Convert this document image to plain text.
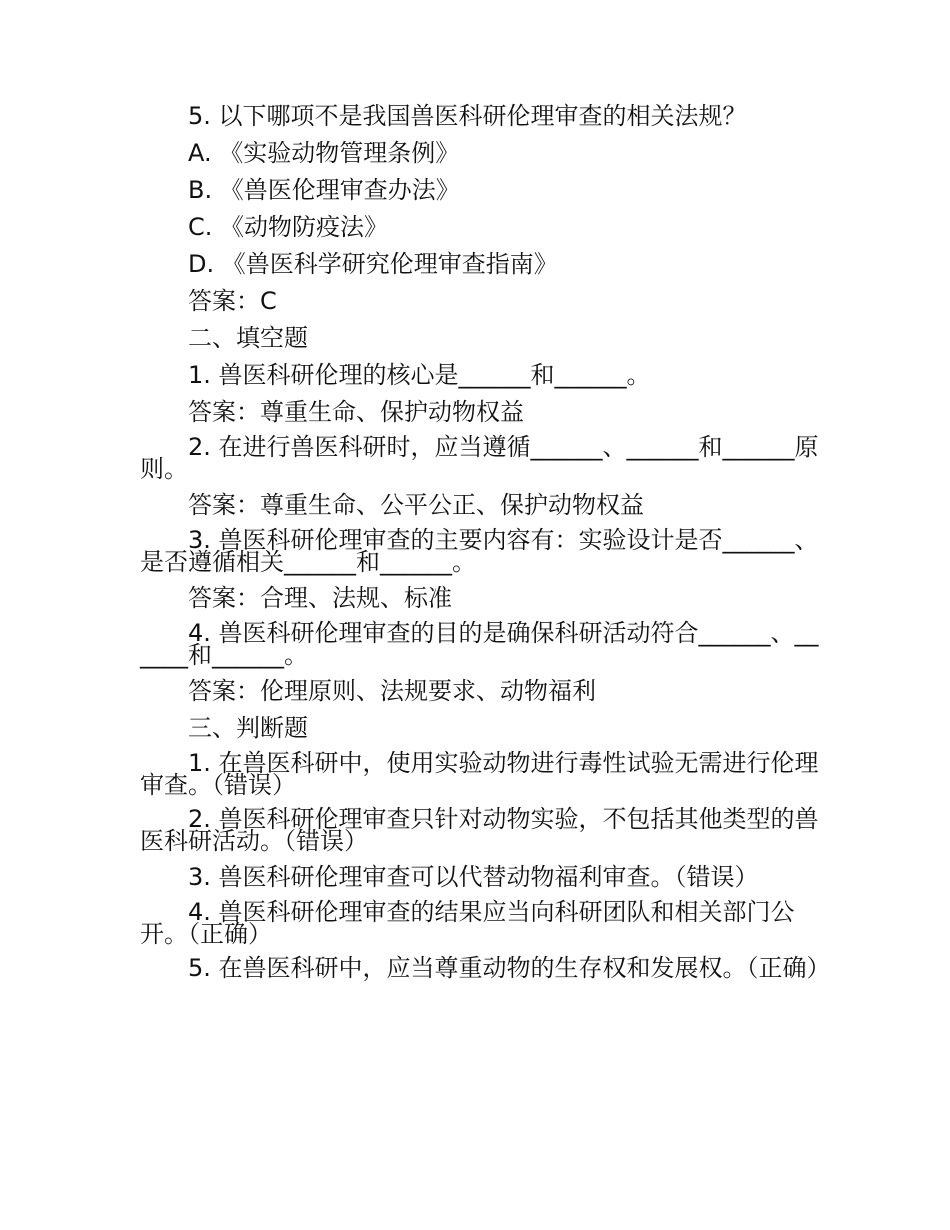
5. 以下哪项不是我国兽医科研伦理审查的相关法规？

A. 《实验动物管理条例》

B. 《兽医伦理审查办法》

C. 《动物防疫法》

D. 《兽医科学研究伦理审查指南》

答案：C

二、填空题

1. 兽医科研伦理的核心是______和______。

答案：尊重生命、保护动物权益

2. 在进行兽医科研时，应当遵循______、______和______原则。

答案：尊重生命、公平公正、保护动物权益

3. 兽医科研伦理审查的主要内容有：实验设计是否______、是否遵循相关______和______。

答案：合理、法规、标准

4. 兽医科研伦理审查的目的是确保科研活动符合______、______和______。

答案：伦理原则、法规要求、动物福利

三、判断题

1. 在兽医科研中，使用实验动物进行毒性试验无需进行伦理审查。（错误）

2. 兽医科研伦理审查只针对动物实验，不包括其他类型的兽医科研活动。（错误）

3. 兽医科研伦理审查可以代替动物福利审查。（错误）

4. 兽医科研伦理审查的结果应当向科研团队和相关部门公开。（正确）

5. 在兽医科研中，应当尊重动物的生存权和发展权。（正确）
